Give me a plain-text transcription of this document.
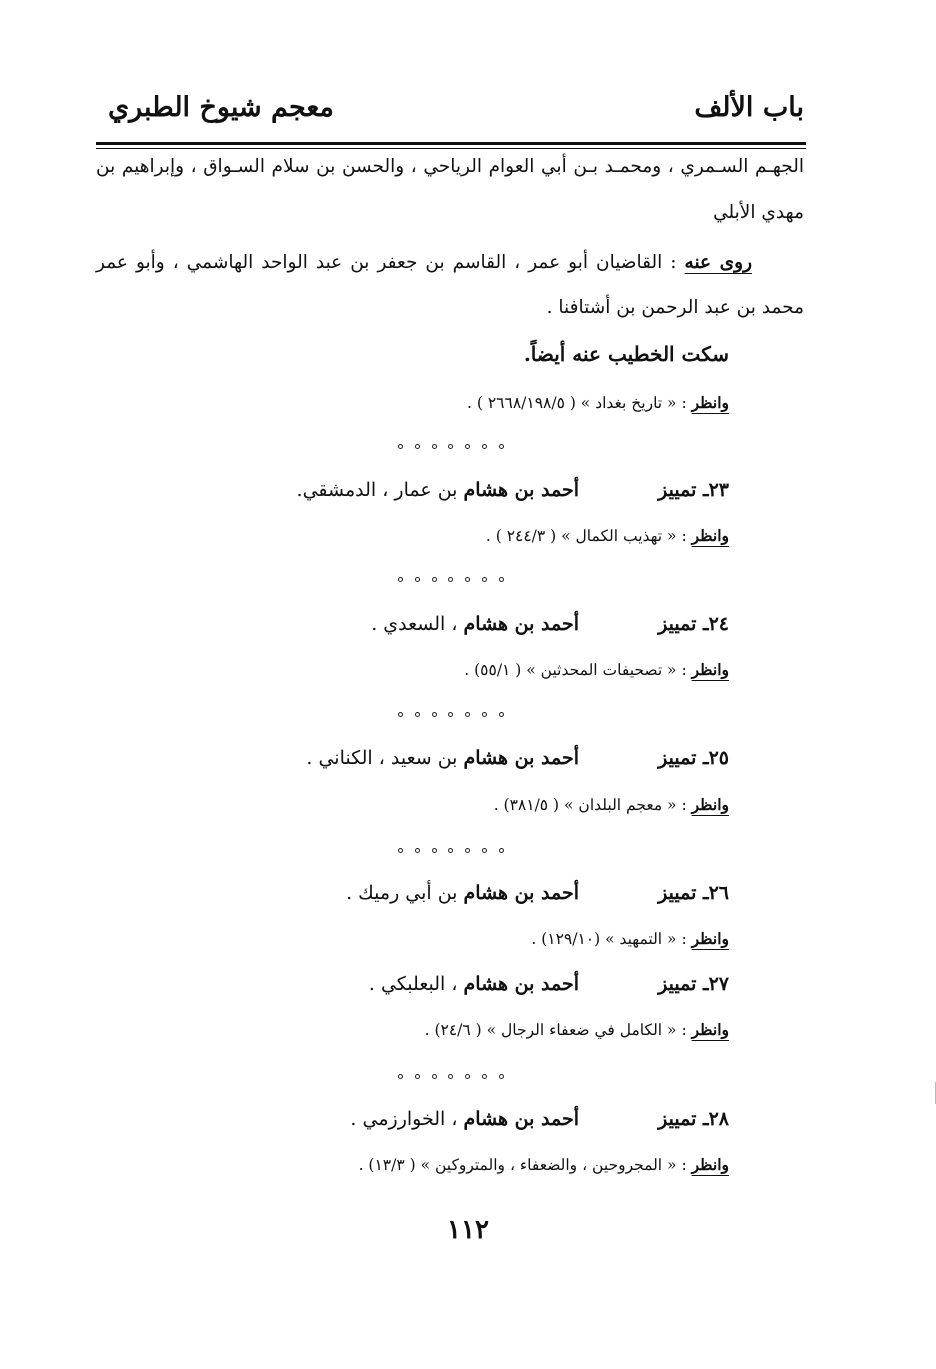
باب الألف
معجم شيوخ الطبري
الجهـم السـمري ، ومحمـد بـن أبي العوام الرياحي ، والحسن بن سلام السـواق ، وإبراهيم بن
مهدي الأبلي
روى عنه : القاضيان أبو عمر ، القاسم بن جعفر بن عبد الواحد الهاشمي ، وأبو عمر
محمد بن عبد الرحمن بن أشتافنا .
سكت الخطيب عنه أيضاً.
وانظر : « تاريخ بغداد » ( ٢٦٦٨/١٩٨/٥ ) .
٢٣ـ تمييز
أحمد بن هشام بن عمار ، الدمشقي.
وانظر : « تهذيب الكمال » ( ٢٤٤/٣ ) .
٢٤ـ تمييز
أحمد بن هشام ، السعدي .
وانظر : « تصحيفات المحدثين » ( ٥٥/١) .
٢٥ـ تمييز
أحمد بن هشام بن سعيد ، الكناني .
وانظر : « معجم البلدان » ( ٣٨١/٥) .
٢٦ـ تمييز
أحمد بن هشام بن أبي رميك .
وانظر : « التمهيد » (١٢٩/١٠) .
٢٧ـ تمييز
أحمد بن هشام ، البعلبكي .
وانظر : « الكامل في ضعفاء الرجال » ( ٢٤/٦) .
٢٨ـ تمييز
أحمد بن هشام ، الخوارزمي .
وانظر : « المجروحين ، والضعفاء ، والمتروكين » ( ١٣/٣) .
١١٢
